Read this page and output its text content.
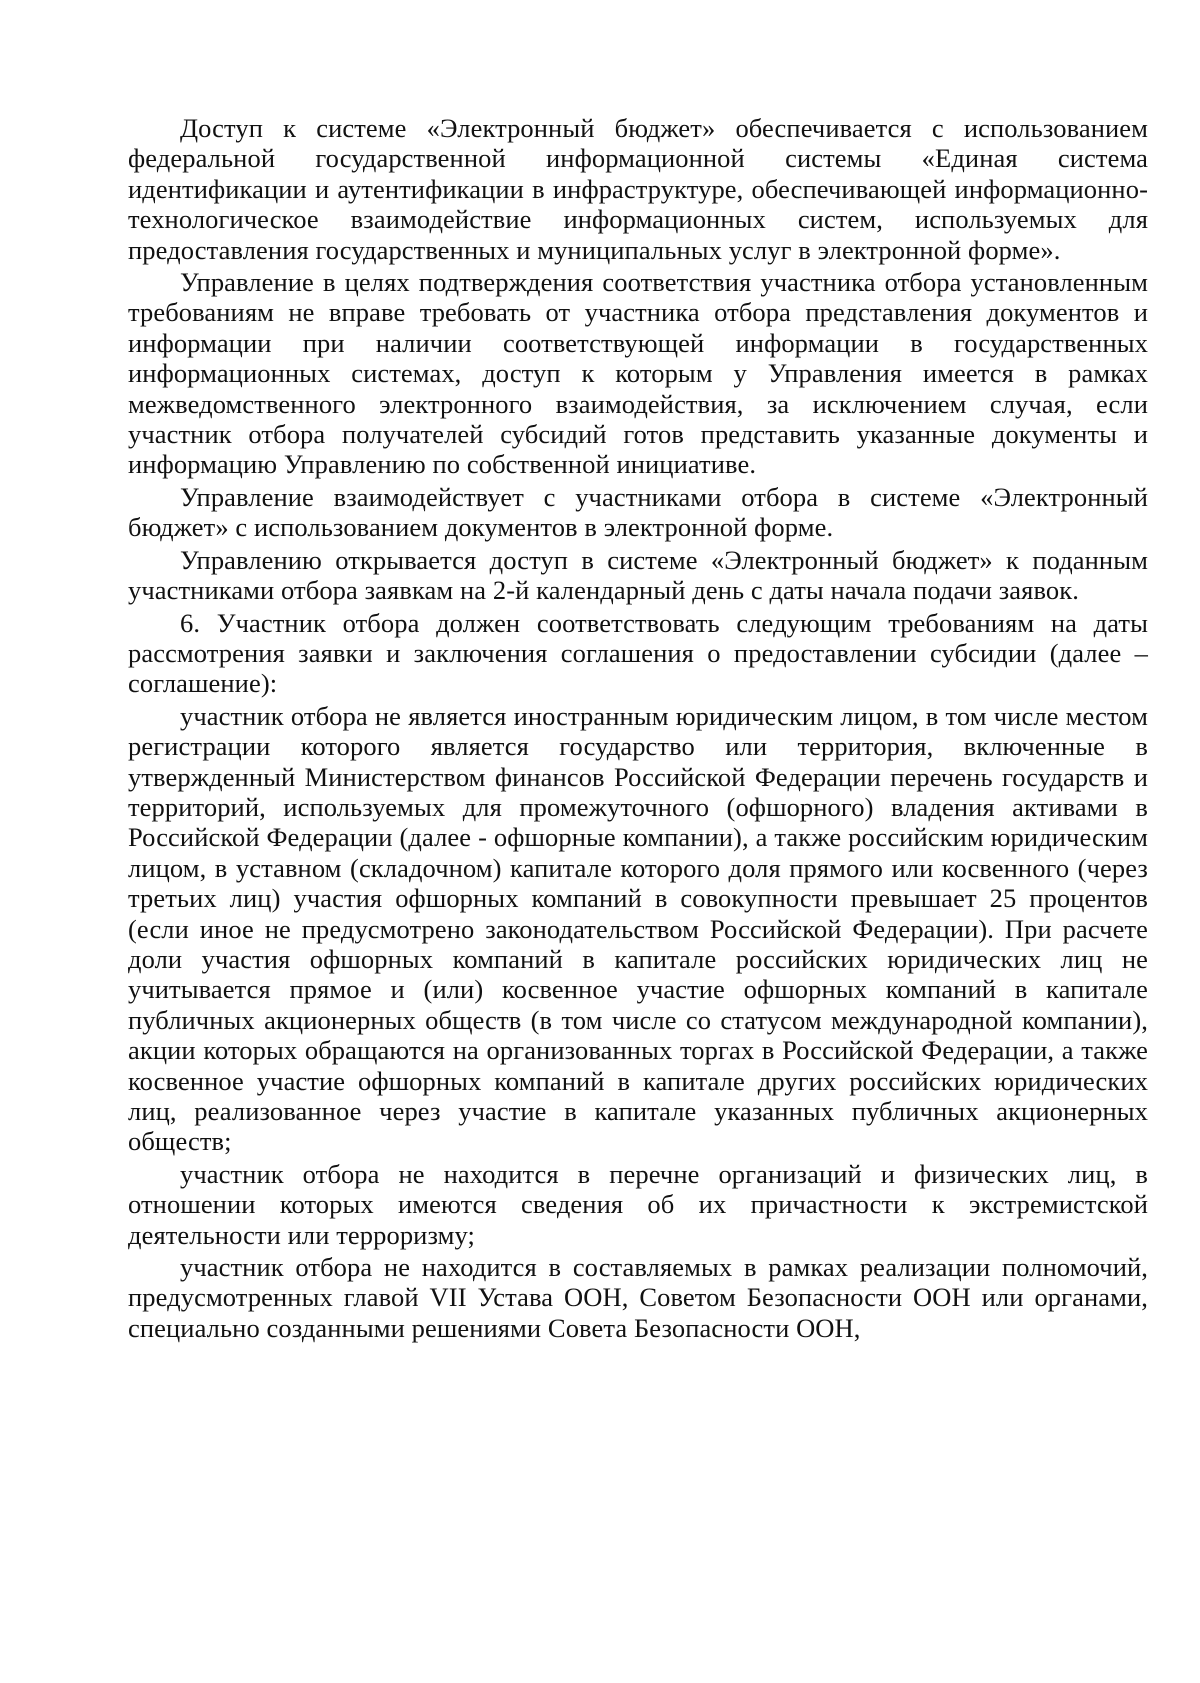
Доступ к системе «Электронный бюджет» обеспечивается с использованием федеральной государственной информационной системы «Единая система идентификации и аутентификации в инфраструктуре, обеспечивающей информационно-технологическое взаимодействие информационных систем, используемых для предоставления государственных и муниципальных услуг в электронной форме».

Управление в целях подтверждения соответствия участника отбора установленным требованиям не вправе требовать от участника отбора представления документов и информации при наличии соответствующей информации в государственных информационных системах, доступ к которым у Управления имеется в рамках межведомственного электронного взаимодействия, за исключением случая, если участник отбора получателей субсидий готов представить указанные документы и информацию Управлению по собственной инициативе.

Управление взаимодействует с участниками отбора в системе «Электронный бюджет» с использованием документов в электронной форме.

Управлению открывается доступ в системе «Электронный бюджет» к поданным участниками отбора заявкам на 2-й календарный день с даты начала подачи заявок.

6. Участник отбора должен соответствовать следующим требованиям на даты рассмотрения заявки и заключения соглашения о предоставлении субсидии (далее – соглашение):

участник отбора не является иностранным юридическим лицом, в том числе местом регистрации которого является государство или территория, включенные в утвержденный Министерством финансов Российской Федерации перечень государств и территорий, используемых для промежуточного (офшорного) владения активами в Российской Федерации (далее - офшорные компании), а также российским юридическим лицом, в уставном (складочном) капитале которого доля прямого или косвенного (через третьих лиц) участия офшорных компаний в совокупности превышает 25 процентов (если иное не предусмотрено законодательством Российской Федерации). При расчете доли участия офшорных компаний в капитале российских юридических лиц не учитывается прямое и (или) косвенное участие офшорных компаний в капитале публичных акционерных обществ (в том числе со статусом международной компании), акции которых обращаются на организованных торгах в Российской Федерации, а также косвенное участие офшорных компаний в капитале других российских юридических лиц, реализованное через участие в капитале указанных публичных акционерных обществ;

участник отбора не находится в перечне организаций и физических лиц, в отношении которых имеются сведения об их причастности к экстремистской деятельности или терроризму;

участник отбора не находится в составляемых в рамках реализации полномочий, предусмотренных главой VII Устава ООН, Советом Безопасности ООН или органами, специально созданными решениями Совета Безопасности ООН,
